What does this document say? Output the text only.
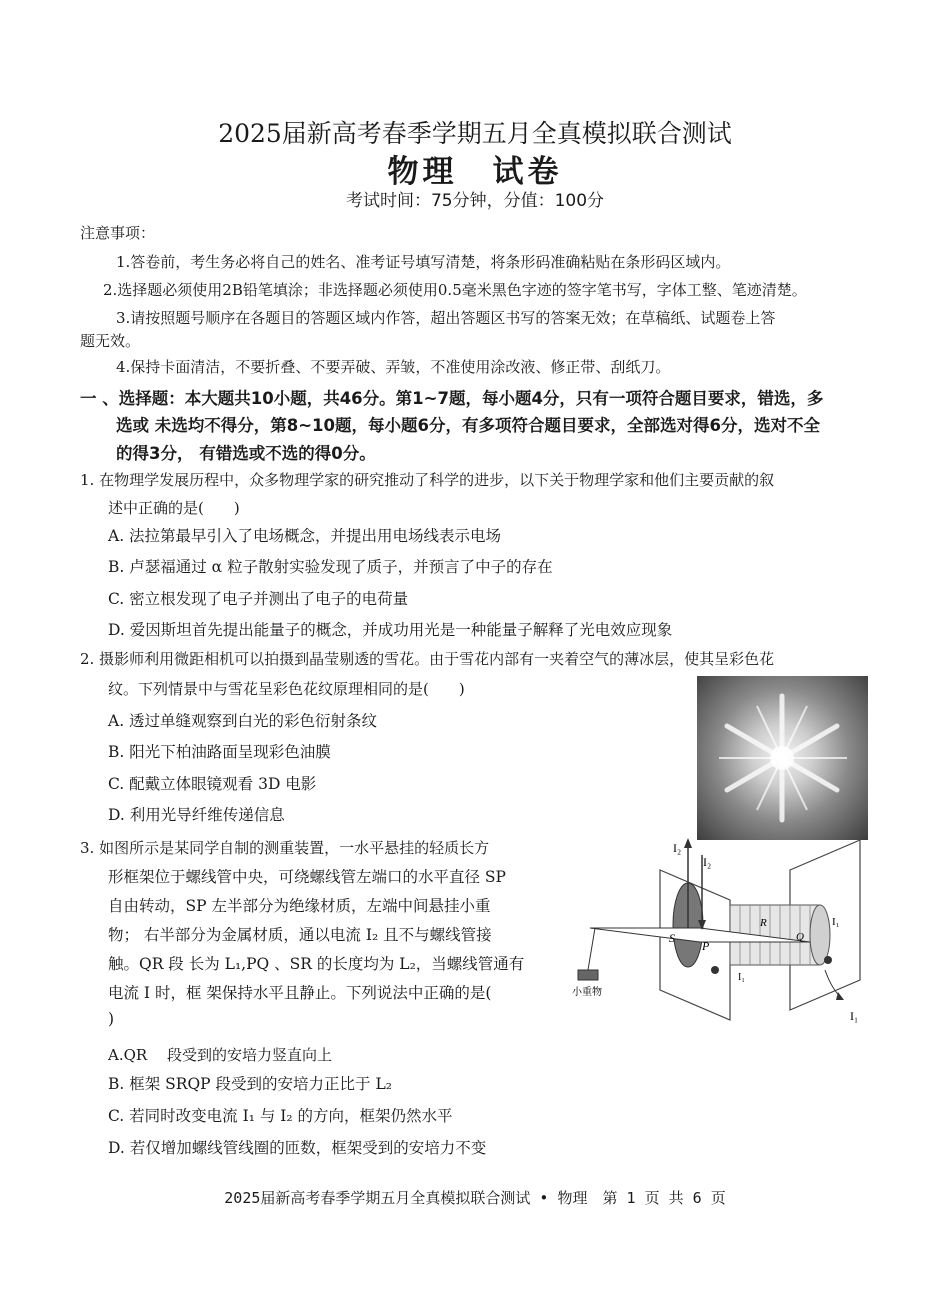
2025届新高考春季学期五月全真模拟联合测试
物理　试卷
考试时间：75分钟，分值：100分
注意事项：
1.答卷前，考生务必将自己的姓名、准考证号填写清楚，将条形码准确粘贴在条形码区域内。
2.选择题必须使用2B铅笔填涂；非选择题必须使用0.5毫米黑色字迹的签字笔书写，字体工整、笔迹清楚。
3.请按照题号顺序在各题目的答题区域内作答，超出答题区书写的答案无效；在草稿纸、试题卷上答
题无效。
4.保持卡面清洁，不要折叠、不要弄破、弄皱，不准使用涂改液、修正带、刮纸刀。
一 、选择题：本大题共10小题，共46分。第1~7题，每小题4分，只有一项符合题目要求，错选，多
选或 未选均不得分，第8~10题，每小题6分，有多项符合题目要求，全部选对得6分，选对不全
的得3分， 有错选或不选的得0分。
1. 在物理学发展历程中，众多物理学家的研究推动了科学的进步，以下关于物理学家和他们主要贡献的叙
述中正确的是(　　)
A. 法拉第最早引入了电场概念，并提出用电场线表示电场
B. 卢瑟福通过 α 粒子散射实验发现了质子，并预言了中子的存在
C. 密立根发现了电子并测出了电子的电荷量
D. 爱因斯坦首先提出能量子的概念，并成功用光是一种能量子解释了光电效应现象
2. 摄影师利用微距相机可以拍摄到晶莹剔透的雪花。由于雪花内部有一夹着空气的薄冰层，使其呈彩色花
纹。下列情景中与雪花呈彩色花纹原理相同的是(　　)
A. 透过单缝观察到白光的彩色衍射条纹
B. 阳光下柏油路面呈现彩色油膜
C. 配戴立体眼镜观看 3D 电影
D. 利用光导纤维传递信息
3. 如图所示是某同学自制的测重装置，一水平悬挂的轻质长方
形框架位于螺线管中央，可绕螺线管左端口的水平直径 SP
自由转动，SP 左半部分为绝缘材质，左端中间悬挂小重
物； 右半部分为金属材质，通以电流 I₂ 且不与螺线管接
触。QR 段 长为 L₁,PQ 、SR 的长度均为 L₂，当螺线管通有
电流 I 时，框 架保持水平且静止。下列说法中正确的是(
)
A.QR　 段受到的安培力竖直向上
B. 框架 SRQP 段受到的安培力正比于 L₂
C. 若同时改变电流 I₁ 与 I₂ 的方向，框架仍然水平
D. 若仅增加螺线管线圈的匝数，框架受到的安培力不变
I₂
I₂
S
P
R
Q
I₁
I₁
I₁
小重物
2025届新高考春季学期五月全真模拟联合测试 • 物理　第 1 页 共 6 页
